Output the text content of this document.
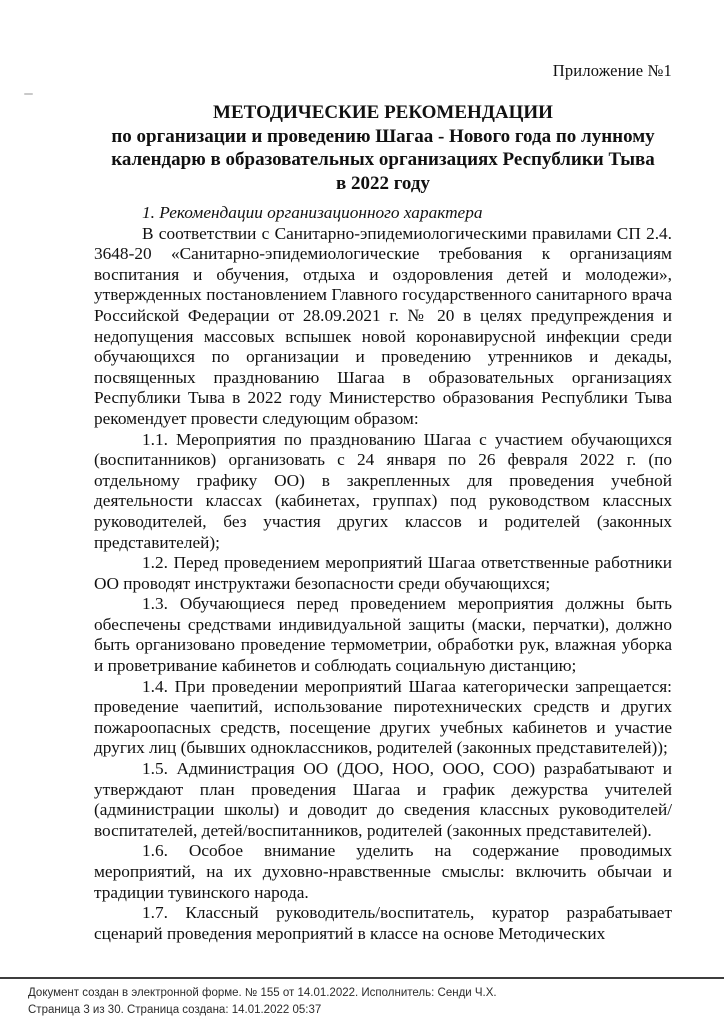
Приложение №1
МЕТОДИЧЕСКИЕ РЕКОМЕНДАЦИИ
по организации и проведению Шагаа - Нового года по лунному
календарю в образовательных организациях Республики Тыва
в 2022 году
1. Рекомендации организационного характера

В соответствии с Санитарно-эпидемиологическими правилами СП 2.4. 3648-20 «Санитарно-эпидемиологические требования к организациям воспитания и обучения, отдыха и оздоровления детей и молодежи», утвержденных постановлением Главного государственного санитарного врача Российской Федерации от 28.09.2021 г. № 20 в целях предупреждения и недопущения массовых вспышек новой коронавирусной инфекции среди обучающихся по организации и проведению утренников и декады, посвященных празднованию Шагаа в образовательных организациях Республики Тыва в 2022 году Министерство образования Республики Тыва рекомендует провести следующим образом:

1.1. Мероприятия по празднованию Шагаа с участием обучающихся (воспитанников) организовать с 24 января по 26 февраля 2022 г. (по отдельному графику ОО) в закрепленных для проведения учебной деятельности классах (кабинетах, группах) под руководством классных руководителей, без участия других классов и родителей (законных представителей);

1.2. Перед проведением мероприятий Шагаа ответственные работники ОО проводят инструктажи безопасности среди обучающихся;

1.3. Обучающиеся перед проведением мероприятия должны быть обеспечены средствами индивидуальной защиты (маски, перчатки), должно быть организовано проведение термометрии, обработки рук, влажная уборка и проветривание кабинетов и соблюдать социальную дистанцию;

1.4. При проведении мероприятий Шагаа категорически запрещается: проведение чаепитий, использование пиротехнических средств и других пожароопасных средств, посещение других учебных кабинетов и участие других лиц (бывших одноклассников, родителей (законных представителей));

1.5. Администрация ОО (ДОО, НОО, ООО, СОО) разрабатывают и утверждают план проведения Шагаа и график дежурства учителей (администрации школы) и доводит до сведения классных руководителей/воспитателей, детей/воспитанников, родителей (законных представителей).

1.6. Особое внимание уделить на содержание проводимых мероприятий, на их духовно-нравственные смыслы: включить обычаи и традиции тувинского народа.

1.7. Классный руководитель/воспитатель, куратор разрабатывает сценарий проведения мероприятий в классе на основе Методических

Документ создан в электронной форме. № 155 от 14.01.2022. Исполнитель: Сенди Ч.Х.
Страница 3 из 30. Страница создана: 14.01.2022 05:37
